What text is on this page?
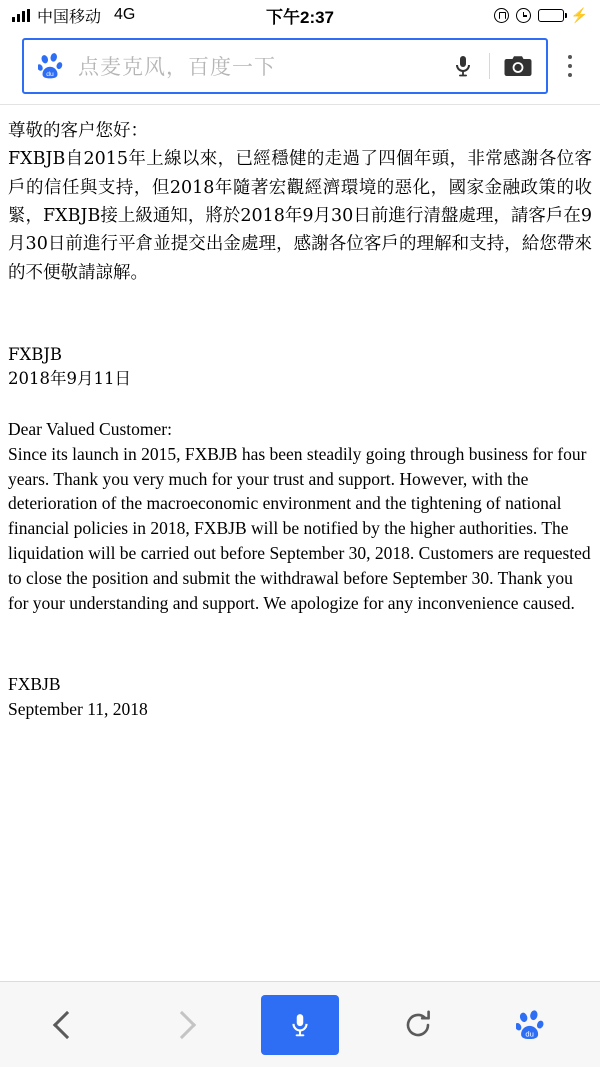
中国移动 4G	下午2:37	⚡
du 点麦克风，百度一下

尊敬的客户您好：

FXBJB自2015年上線以來，已經穩健的走過了四個年頭，非常感謝各位客戶的信任與支持，但2018年隨著宏觀經濟環境的惡化，國家金融政策的收緊，FXBJB接上級通知，將於2018年9月30日前進行清盤處理，請客戶在9月30日前進行平倉並提交出金處理，感謝各位客戶的理解和支持，給您帶來的不便敬請諒解。

FXBJB

2018年9月11日

Dear Valued Customer:

Since its launch in 2015, FXBJB has been steadily going through business for four years. Thank you very much for your trust and support. However, with the deterioration of the macroeconomic environment and the tightening of national financial policies in 2018, FXBJB will be notified by the higher authorities. The liquidation will be carried out before September 30, 2018. Customers are requested to close the position and submit the withdrawal before September 30. Thank you for your understanding and support. We apologize for any inconvenience caused.

FXBJB

September 11, 2018

du
